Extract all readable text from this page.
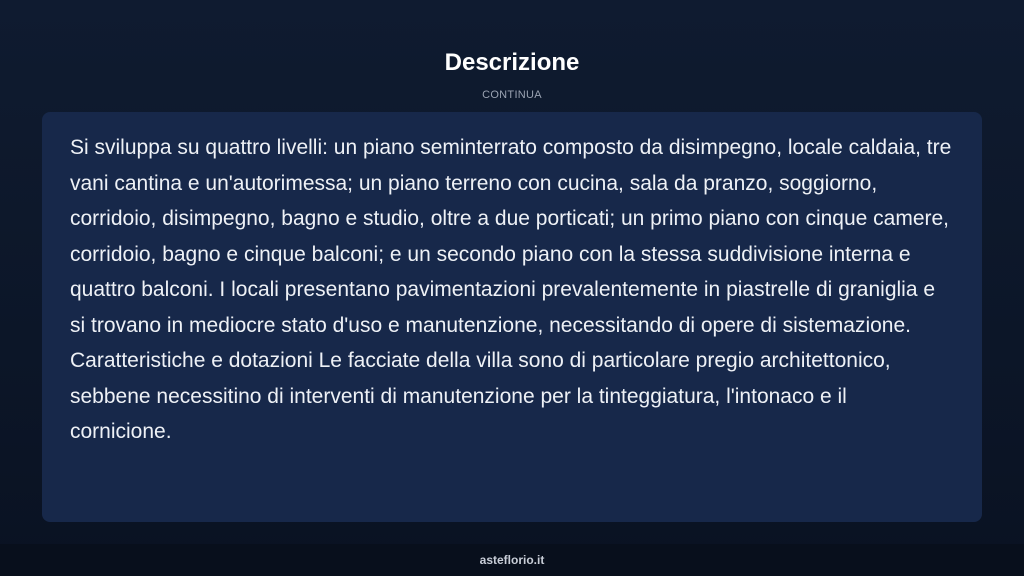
Descrizione
CONTINUA

Si sviluppa su quattro livelli: un piano seminterrato composto da disimpegno, locale caldaia, tre vani cantina e un'autorimessa; un piano terreno con cucina, sala da pranzo, soggiorno, corridoio, disimpegno, bagno e studio, oltre a due porticati; un primo piano con cinque camere, corridoio, bagno e cinque balconi; e un secondo piano con la stessa suddivisione interna e quattro balconi. I locali presentano pavimentazioni prevalentemente in piastrelle di graniglia e si trovano in mediocre stato d'uso e manutenzione, necessitando di opere di sistemazione. Caratteristiche e dotazioni Le facciate della villa sono di particolare pregio architettonico, sebbene necessitino di interventi di manutenzione per la tinteggiatura, l'intonaco e il cornicione.

asteflorio.it
